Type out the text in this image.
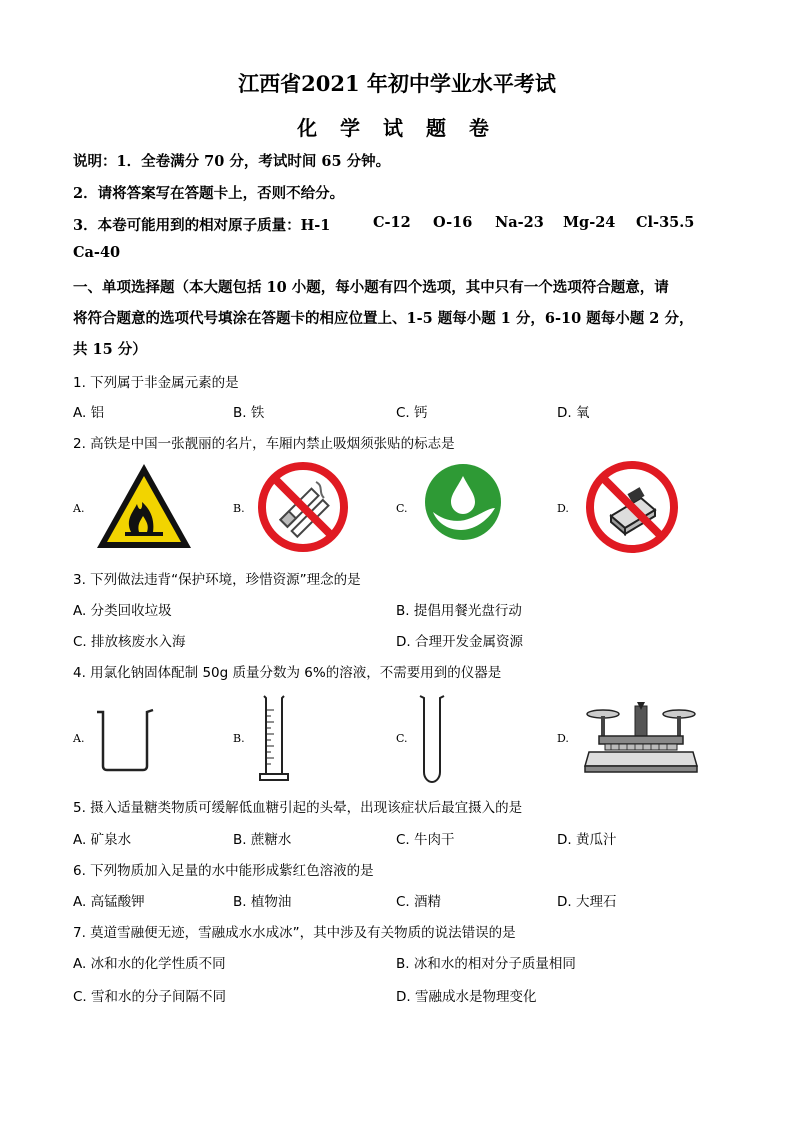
江西省2021 年初中学业水平考试
化 学 试 题 卷
说明：1．全卷满分 70 分，考试时间 65 分钟。
2．请将答案写在答题卡上，否则不给分。
3．本卷可能用到的相对原子质量：H-1	C-12 O-16 Na-23 Mg-24 Cl-35.5
Ca-40
一、单项选择题（本大题包括 10 小题，每小题有四个选项，其中只有一个选项符合题意，请
将符合题意的选项代号填涂在答题卡的相应位置上、1-5 题每小题 1 分，6-10 题每小题 2 分，
共 15 分）
1. 下列属于非金属元素的是
A. 铝	B. 铁	C. 钙	D. 氧
2. 高铁是中国一张靓丽的名片，车厢内禁止吸烟须张贴的标志是
A.	B.	C.	D.
3. 下列做法违背“保护环境，珍惜资源”理念的是
A. 分类回收垃圾	B. 提倡用餐光盘行动
C. 排放核废水入海	D. 合理开发金属资源
4. 用氯化钠固体配制 50g 质量分数为 6%的溶液，不需要用到的仪器是
A.	B.	C.	D.
5. 摄入适量糖类物质可缓解低血糖引起的头晕，出现该症状后最宜摄入的是
A. 矿泉水	B. 蔗糖水	C. 牛肉干	D. 黄瓜汁
6. 下列物质加入足量的水中能形成紫红色溶液的是
A. 高锰酸钾	B. 植物油	C. 酒精	D. 大理石
7. 莫道雪融便无迹，雪融成水水成冰”，其中涉及有关物质的说法错误的是
A. 冰和水的化学性质不同	B. 冰和水的相对分子质量相同
C. 雪和水的分子间隔不同	D. 雪融成水是物理变化
